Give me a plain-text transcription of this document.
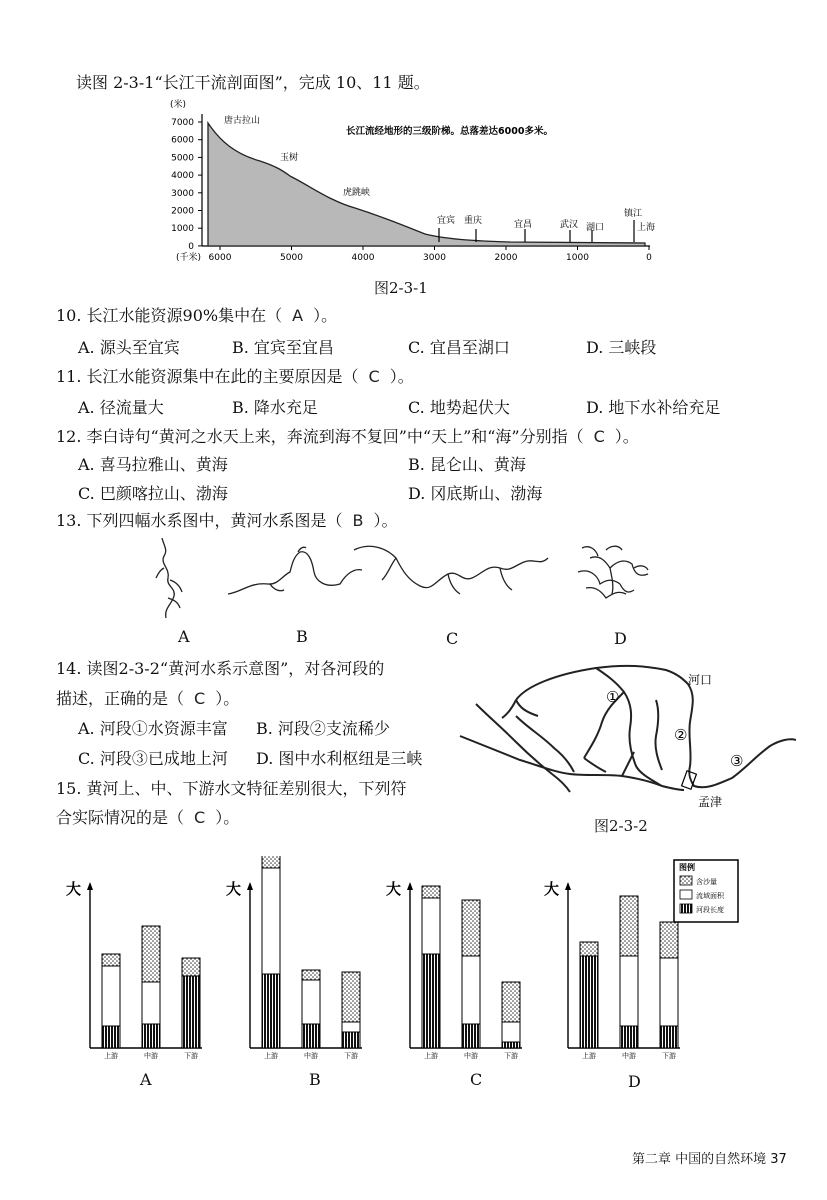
读图 2-3-1“长江干流剖面图”，完成 10、11 题。
(米)
(千米)
7000
6000
5000
4000
3000
2000
1000
0
6000	5000	4000	3000	2000	1000	0
唐古拉山
玉树
虎跳峡
宜宾 重庆	宜昌	武汉 湖口
镇江
上海
长江流经地形的三级阶梯。总落差达6000多米。
图2-3-1
10. 长江水能资源90%集中在（ A ）。
A. 源头至宜宾	B. 宜宾至宜昌	C. 宜昌至湖口	D. 三峡段
11. 长江水能资源集中在此的主要原因是（ C ）。
A. 径流量大	B. 降水充足	C. 地势起伏大	D. 地下水补给充足
12. 李白诗句“黄河之水天上来，奔流到海不复回”中“天上”和“海”分别指（ C ）。
A. 喜马拉雅山、黄海	B. 昆仑山、黄海
C. 巴颜喀拉山、渤海	D. 冈底斯山、渤海
13. 下列四幅水系图中，黄河水系图是（ B ）。
A	B	C	D
14. 读图2-3-2“黄河水系示意图”，对各河段的
描述，正确的是（ C ）。
A. 河段①水资源丰富 B. 河段②支流稀少
C. 河段③已成地上河 D. 图中水利枢纽是三峡
①
②
③
河口
孟津
图2-3-2
15. 黄河上、中、下游水文特征差别很大，下列符
合实际情况的是（ C ）。
大
上游	中游	下游
大
上游	中游	下游
大
上游	中游	下游
大
上游	中游	下游
图例
含沙量
流域面积
河段长度
A	B	C	D
第二章 中国的自然环境 37
